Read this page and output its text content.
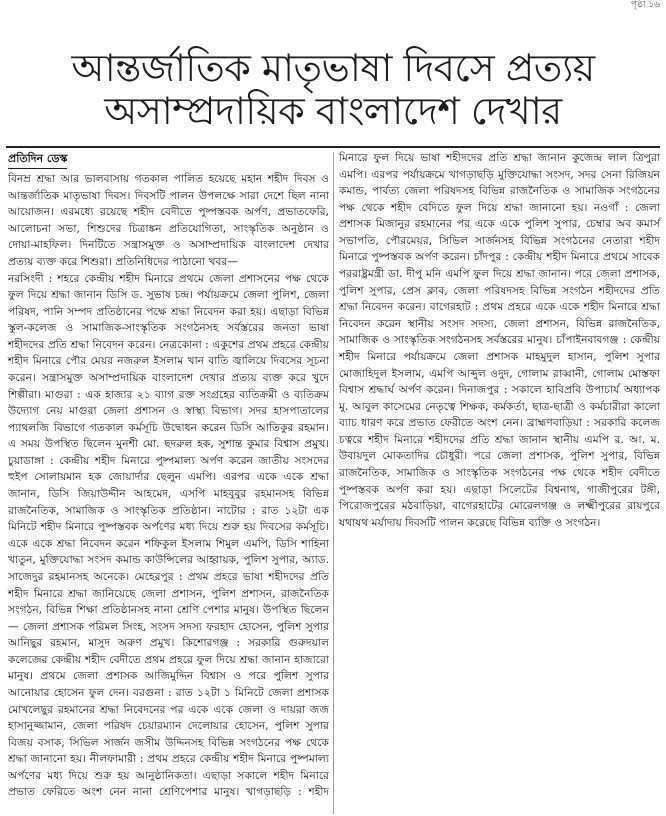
পৃষ্ঠা ১৬
আন্তর্জাতিক মাতৃভাষা দিবসে প্রত্যয়
অসাম্প্রদায়িক বাংলাদেশ দেখার
প্রতিদিন ডেস্ক

বিনম্র শ্রদ্ধা আর ভালবাসায় গতকাল পালিত হয়েছে মহান শহীদ দিবস ও আন্তর্জাতিক মাতৃভাষা দিবস। দিবসটি পালন উপলক্ষে সারা দেশে ছিল নানা আয়োজন। এরমধ্যে রয়েছে শহীদ বেদীতে পুষ্পস্তবক অর্পণ, প্রভাতফেরি, আলোচনা সভা, শিশুদের চিত্রাঙ্কন প্রতিযোগিতা, সাংস্কৃতিক অনুষ্ঠান ও দোয়া-মাহফিল। দিনটিতে সন্ত্রাসমুক্ত ও অসাম্প্রদায়িক বাংলাদেশ দেখার প্রত্যয় ব্যক্ত করে শিশুরা। প্রতিনিধিদের পাঠানো খবর—

নরসিংদী : শহরে কেন্দ্রীয় শহীদ মিনারে প্রথমে জেলা প্রশাসনের পক্ষ থেকে ফুল দিয়ে শ্রদ্ধা জানান ডিসি ড. সুভাষ চন্দ্র। পর্যায়ক্রমে জেলা পুলিশ, জেলা পরিষদ, পানি সম্পদ প্রতিষ্ঠানের পক্ষে শ্রদ্ধা নিবেদন করা হয়। এছাড়া বিভিন্ন স্কুল-কলেজ ও সামাজিক-সাংস্কৃতিক সংগঠনসহ সর্বস্তরের জনতা ভাষা শহীদদের প্রতি শ্রদ্ধা নিবেদন করেন। নেত্রকোনা : একুশের প্রথম প্রহরে কেন্দ্রীয় শহীদ মিনারে পৌর মেয়র নজরুল ইসলাম খান বাতি জ্বালিয়ে দিবসের সূচনা করেন। সন্ত্রাসমুক্ত অসাম্প্রদায়িক বাংলাদেশ দেখার প্রত্যয় ব্যক্ত করে খুদে শিল্পীরা। মাগুরা : এক হাজার ২১ ব্যাগ রক্ত সংগ্রহের ব্যতিক্রমী ও ব্যতিক্রম উদ্যোগ নেয় মাগুরা জেলা প্রশাসন ও স্বাস্থ্য বিভাগ। সদর হাসপাতালের প্যাথলজি বিভাগে গতকাল কর্মসূচি উদ্বোধন করেন ডিসি আতিকুর রহমান। এ সময় উপস্থিত ছিলেন মুনশী মো. ছদরুল হক, সুশান্ত কুমার বিশ্বাস প্রমুখ। চুয়াডাঙ্গা : কেন্দ্রীয় শহীদ মিনারে পুষ্পমাল্য অর্পণ করেন জাতীয় সংসদের হুইপ সোলায়মান হক জোয়ার্দার ছেলুন এমপি। এরপর একে একে শ্রদ্ধা জানান, ডিসি জিয়াউদ্দীন আহমেদ, এসপি মাহবুবুর রহমানসহ বিভিন্ন রাজনৈতিক, সামাজিক ও সাংস্কৃতিক প্রতিষ্ঠান। নাটোর : রাত ১২টা এক মিনিটে শহীদ মিনারে পুষ্পস্তবক অর্পণের মধ্য দিয়ে শুরু হয় দিবসের কর্মসূচি। একে একে শ্রদ্ধা নিবেদন করেন শফিকুল ইসলাম শিমুল এমপি, ডিসি শাহিনা খাতুন, মুক্তিযোদ্ধা সংসদ কমান্ড কাউন্সিলের আহ্বায়ক, পুলিশ সুপার, অ্যাড. সাজেদুর রহমানসহ অনেকে। মেহেরপুর : প্রথম প্রহরে ভাষা শহীদদের প্রতি শহীদ মিনারে শ্রদ্ধা জানিয়েছে জেলা প্রশাসন, পুলিশ প্রশাসন, রাজনৈতিক সংগঠন, বিভিন্ন শিক্ষা প্রতিষ্ঠানসহ নানা শ্রেণি পেশার মানুষ। উপস্থিত ছিলেন— জেলা প্রশাসক পরিমল সিংহ, সংসদ সদস্য ফরহাদ হোসেন, পুলিশ সুপার আনিছুর রহমান, মাসুদ অরুণ প্রমুখ। কিশোরগঞ্জ : সরকারি গুরুদয়াল কলেজের কেন্দ্রীয় শহীদ বেদীতে প্রথম প্রহরে ফুল দিয়ে শ্রদ্ধা জানান হাজারো মানুষ। প্রথমে জেলা প্রশাসক আজিমুদ্দিন বিশ্বাস ও পরে পুলিশ সুপার আনোয়ার হোসেন ফুল দেন। বরগুনা : রাত ১২টা ১ মিনিটে জেলা প্রশাসক মোখলেছুর রহমানের শ্রদ্ধা নিবেদনের পর একে একে জেলা ও দায়রা জজ হাসানুজ্জামান, জেলা পরিষদ চেয়ারম্যান দেলোয়ার হোসেন, পুলিশ সুপার বিজয় বসাক, সিভিল সার্জন জসীম উদ্দিনসহ বিভিন্ন সংগঠনের পক্ষ থেকে শ্রদ্ধা জানানো হয়। নীলফামারী : প্রথম প্রহরে কেন্দ্রীয় শহীদ মিনারে পুষ্পমাল্য অর্পণের মধ্য দিয়ে শুরু হয় আনুষ্ঠানিকতা। এছাড়া সকালে শহীদ মিনারে প্রভাত ফেরিতে অংশ নেন নানা শ্রেণিপেশার মানুষ। খাগড়াছড়ি : শহীদ মিনারে ফুল দিয়ে ভাষা শহীদদের প্রতি শ্রদ্ধা জানান কুজেন্দ্র লাল ত্রিপুরা এমপি। এরপর পর্যায়ক্রমে খাগড়াছড়ি মুক্তিযোদ্ধা সংসদ, সদর সেনা রিজিয়ন কমান্ড, পার্বত্য জেলা পরিষদসহ বিভিন্ন রাজনৈতিক ও সামাজিক সংগঠনের পক্ষ থেকে শহীদ বেদিতে ফুল দিয়ে শ্রদ্ধা জানানো হয়। নওগাঁ : জেলা প্রশাসক মিজানুর রহমানের পর একে একে পুলিশ সুপার, চেম্বার অব কমার্স সভাপতি, পৌরমেয়র, সিভিল সার্জনসহ বিভিন্ন সংগঠনের নেতারা শহীদ মিনারে পুষ্পস্তবক অর্পণ করেন। চাঁদপুর : কেন্দ্রীয় শহীদ মিনারে প্রথমে সাবেক পররাষ্ট্রমন্ত্রী ডা. দীপু মনি এমপি ফুল দিয়ে শ্রদ্ধা জানান। পরে জেলা প্রশাসক, পুলিশ সুপার, প্রেস ক্লাব, জেলা পরিষদসহ বিভিন্ন সংগঠন শহীদদের প্রতি শ্রদ্ধা নিবেদন করেন। বাগেরহাট : প্রথম প্রহরে একে একে শহীদ মিনারে শ্রদ্ধা নিবেদন করেন স্থানীয় সংসদ সদস্য, জেলা প্রশাসন, বিভিন্ন রাজনৈতিক, সামাজিক ও সাংস্কৃতিক সংগঠনসহ সর্বস্তরের মানুষ। চাঁপাইনবাবগঞ্জ : কেন্দ্রীয় শহীদ মিনারে পর্যায়ক্রমে জেলা প্রশাসক মাহমুদুল হাসান, পুলিশ সুপার মোজাহিদুল ইসলাম, এমপি আব্দুল ওদুদ, গোলাম রাব্বানী, গোলাম মোস্তফা বিশ্বাস শ্রদ্ধার্ঘ অর্পণ করেন। দিনাজপুর : সকালে হাবিপ্রবি উপাচার্য অধ্যাপক মু. আবুল কাসেমের নেতৃত্বে শিক্ষক, কর্মকর্তা, ছাত্র-ছাত্রী ও কর্মচারীরা কালো ব্যাচ ধারণ করে প্রভাত ফেরীতে অংশ নেন। ব্রাহ্মণবাড়িয়া : সরকারি কলেজ চত্বরে শহীদ মিনারে শহীদদের প্রতি শ্রদ্ধা জানান স্থানীয় এমপি র. আ. ম. উবায়দুল মোকতাদির চৌধুরী। পরে জেলা প্রশাসক, পুলিশ সুপার, বিভিন্ন রাজনৈতিক, সামাজিক ও সাংস্কৃতিক সংগঠনের পক্ষ থেকে শহীদ বেদীতে পুষ্পস্তবক অর্পণ করা হয়। এছাড়া সিলেটের বিশ্বনাথ, গাজীপুরের টঙ্গী, পিরোজপুরের মঠবাড়িয়া, বাগেরহাটের মোরেলগঞ্জ ও লক্ষ্মীপুরের রায়পুরে যথাযথ মর্যাদায় দিবসটি পালন করেছে বিভিন্ন ব্যক্তি ও সংগঠন।
